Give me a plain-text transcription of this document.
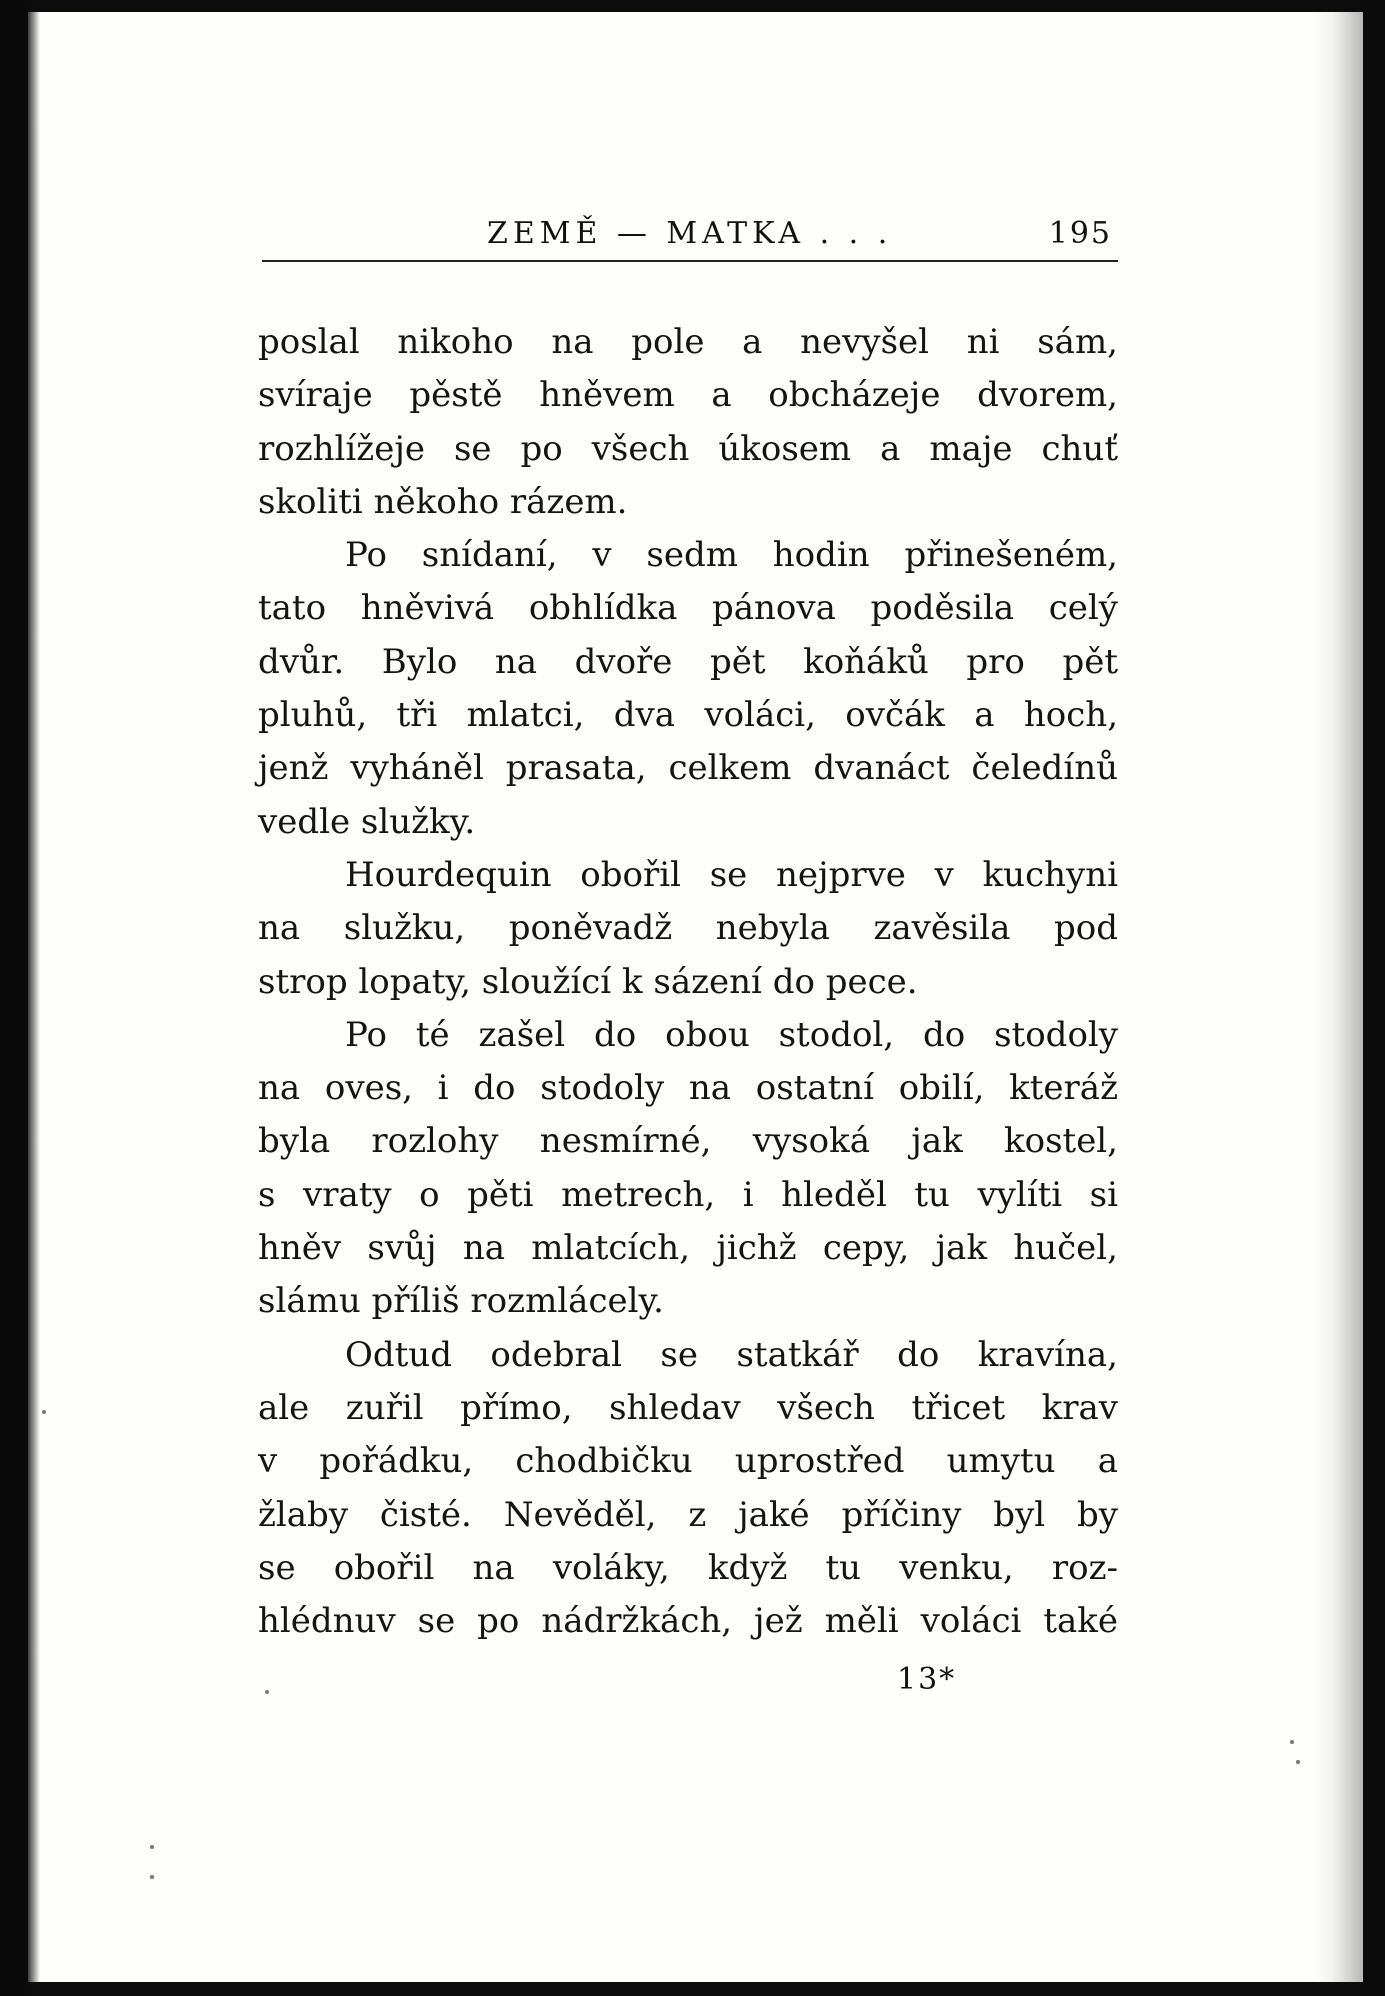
ZEMĚ — MATKA . . .	195
poslal nikoho na pole a nevyšel ni sám,
svíraje pěstě hněvem a obcházeje dvorem,
rozhlížeje se po všech úkosem a maje chuť
skoliti někoho rázem.
Po snídaní, v sedm hodin přinešeném,
tato hněvivá obhlídka pánova poděsila celý
dvůr. Bylo na dvoře pět koňáků pro pět
pluhů, tři mlatci, dva voláci, ovčák a hoch,
jenž vyháněl prasata, celkem dvanáct čeledínů
vedle služky.
Hourdequin obořil se nejprve v kuchyni
na služku, poněvadž nebyla zavěsila pod
strop lopaty, sloužící k sázení do pece.
Po té zašel do obou stodol, do stodoly
na oves, i do stodoly na ostatní obilí, kteráž
byla rozlohy nesmírné, vysoká jak kostel,
s vraty o pěti metrech, i hleděl tu vylíti si
hněv svůj na mlatcích, jichž cepy, jak hučel,
slámu příliš rozmlácely.
Odtud odebral se statkář do kravína,
ale zuřil přímo, shledav všech třicet krav
v pořádku, chodbičku uprostřed umytu a
žlaby čisté. Nevěděl, z jaké příčiny byl by
se obořil na voláky, když tu venku, roz-
hlédnuv se po nádržkách, jež měli voláci také
13*
